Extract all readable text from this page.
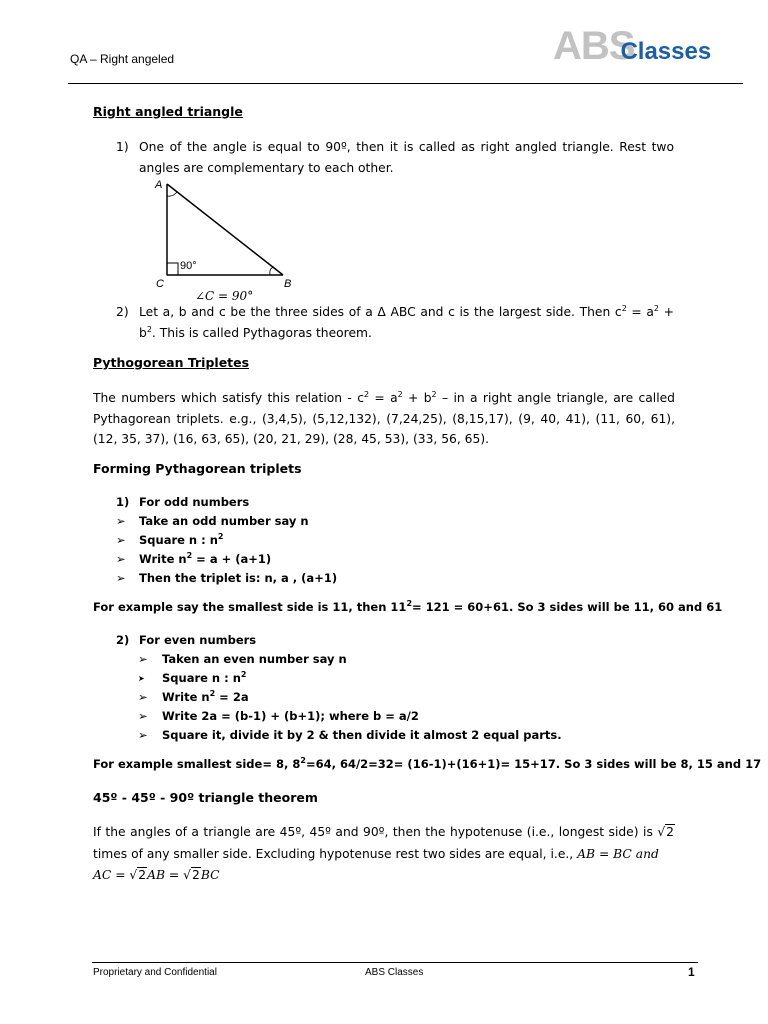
QA – Right angeled	ABSClasses
Right angled triangle
1) One of the angle is equal to 90º, then it is called as right angled triangle. Rest two angles are complementary to each other.
A
C	B
90°
∠C = 90°
2) Let a, b and c be the three sides of a Δ ABC and c is the largest side. Then $c^2 = a^2 + b^2$. This is called Pythagoras theorem.
Pythogorean Tripletes
The numbers which satisfy this relation - $c^2 = a^2 + b^2$ – in a right angle triangle, are called Pythagorean triplets. e.g., (3,4,5), (5,12,132), (7,24,25), (8,15,17), (9, 40, 41), (11, 60, 61), (12, 35, 37), (16, 63, 65), (20, 21, 29), (28, 45, 53), (33, 56, 65).
Forming Pythagorean triplets
1) For odd numbers
➢	Take an odd number say n
➢	Square n : $n^2$
➢	Write $n^2 = a + (a+1)$
➢	Then the triplet is: n, a , (a+1)
For example say the smallest side is 11, then $11^2= 121 = 60+61$. So 3 sides will be 11, 60 and 61
2) For even numbers
➢	Taken an even number say n
➤	Square n : $n^2$
➢	Write $n^2 = 2a$
➢	Write 2a = (b-1) + (b+1); where b = a/2
➢	Square it, divide it by 2 & then divide it almost 2 equal parts.
For example smallest side= 8, $8^2=64$, 64/2=32= (16-1)+(16+1)= 15+17. So 3 sides will be 8, 15 and 17
45º - 45º - 90º triangle theorem
If the angles of a triangle are 45º, 45º and 90º, then the hypotenuse (i.e., longest side) is √2 times of any smaller side. Excluding hypotenuse rest two sides are equal, i.e., AB = BC and
AC = √2AB = √2BC
Proprietary and Confidential	ABS Classes	1
